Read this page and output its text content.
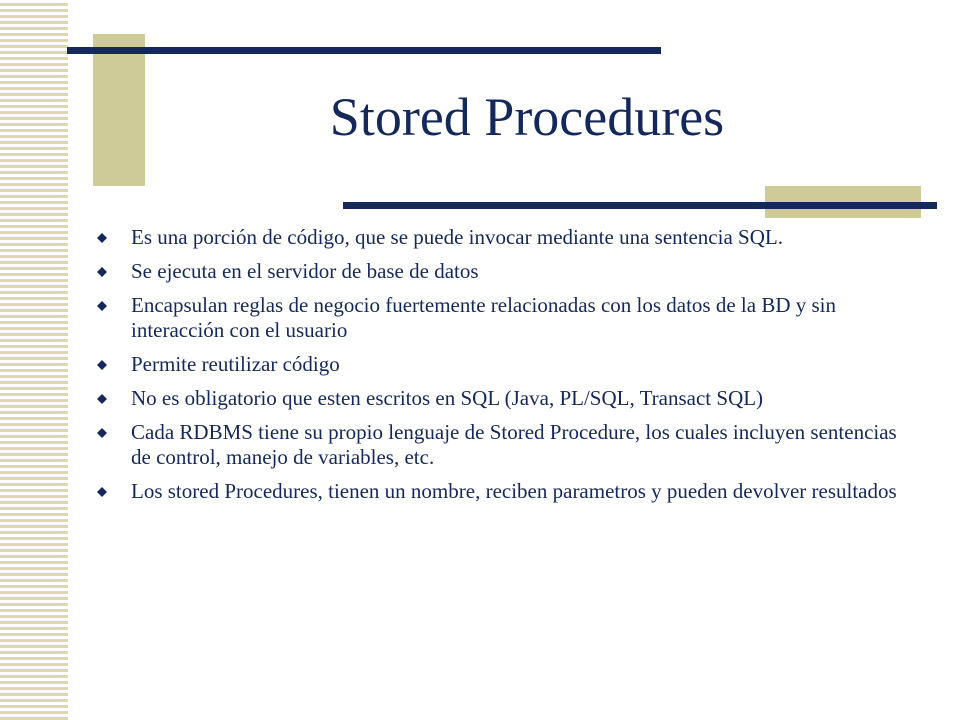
Stored Procedures
Es una porción de código, que se puede invocar mediante una sentencia SQL.
Se ejecuta en el servidor de base de datos
Encapsulan reglas de negocio fuertemente relacionadas con los datos de la BD y sin interacción con el usuario
Permite reutilizar código
No es obligatorio que esten escritos en SQL (Java, PL/SQL, Transact SQL)
Cada RDBMS tiene su propio lenguaje de Stored Procedure, los cuales incluyen sentencias de control, manejo de variables, etc.
Los stored Procedures, tienen un nombre, reciben parametros y pueden devolver resultados
